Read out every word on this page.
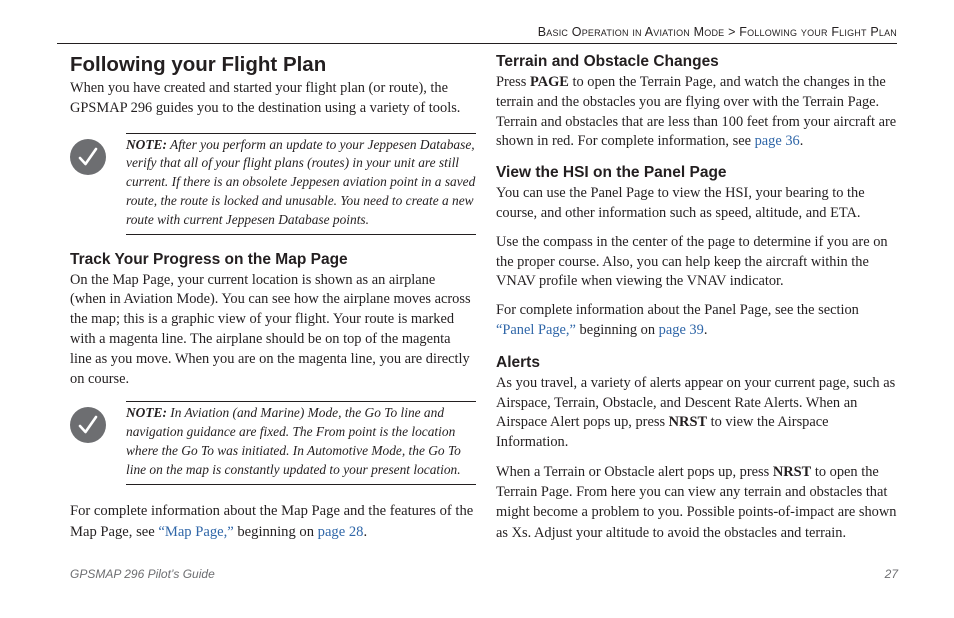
Basic Operation in Aviation Mode > Following your Flight Plan
Following your Flight Plan

When you have created and started your flight plan (or route), the GPSMAP 296 guides you to the destination using a variety of tools.

NOTE: After you perform an update to your Jeppesen Database, verify that all of your flight plans (routes) in your unit are still current. If there is an obsolete Jeppesen aviation point in a saved route, the route is locked and unusable. You need to create a new route with current Jeppesen Database points.

Track Your Progress on the Map Page

On the Map Page, your current location is shown as an airplane (when in Aviation Mode). You can see how the airplane moves across the map; this is a graphic view of your flight. Your route is marked with a magenta line. The airplane should be on top of the magenta line as you move. When you are on the magenta line, you are directly on course.

NOTE: In Aviation (and Marine) Mode, the Go To line and navigation guidance are fixed. The From point is the location where the Go To was initiated. In Automotive Mode, the Go To line on the map is constantly updated to your present location.

For complete information about the Map Page and the features of the Map Page, see “Map Page,” beginning on page 28.

Terrain and Obstacle Changes

Press PAGE to open the Terrain Page, and watch the changes in the terrain and the obstacles you are flying over with the Terrain Page. Terrain and obstacles that are less than 100 feet from your aircraft are shown in red. For complete information, see page 36.

View the HSI on the Panel Page

You can use the Panel Page to view the HSI, your bearing to the course, and other information such as speed, altitude, and ETA.

Use the compass in the center of the page to determine if you are on the proper course. Also, you can help keep the aircraft within the VNAV profile when viewing the VNAV indicator.

For complete information about the Panel Page, see the section “Panel Page,” beginning on page 39.

Alerts

As you travel, a variety of alerts appear on your current page, such as Airspace, Terrain, Obstacle, and Descent Rate Alerts. When an Airspace Alert pops up, press NRST to view the Airspace Information.

When a Terrain or Obstacle alert pops up, press NRST to open the Terrain Page. From here you can view any terrain and obstacles that might become a problem to you. Possible points-of-impact are shown as Xs. Adjust your altitude to avoid the obstacles and terrain.

GPSMAP 296 Pilot’s Guide	27
